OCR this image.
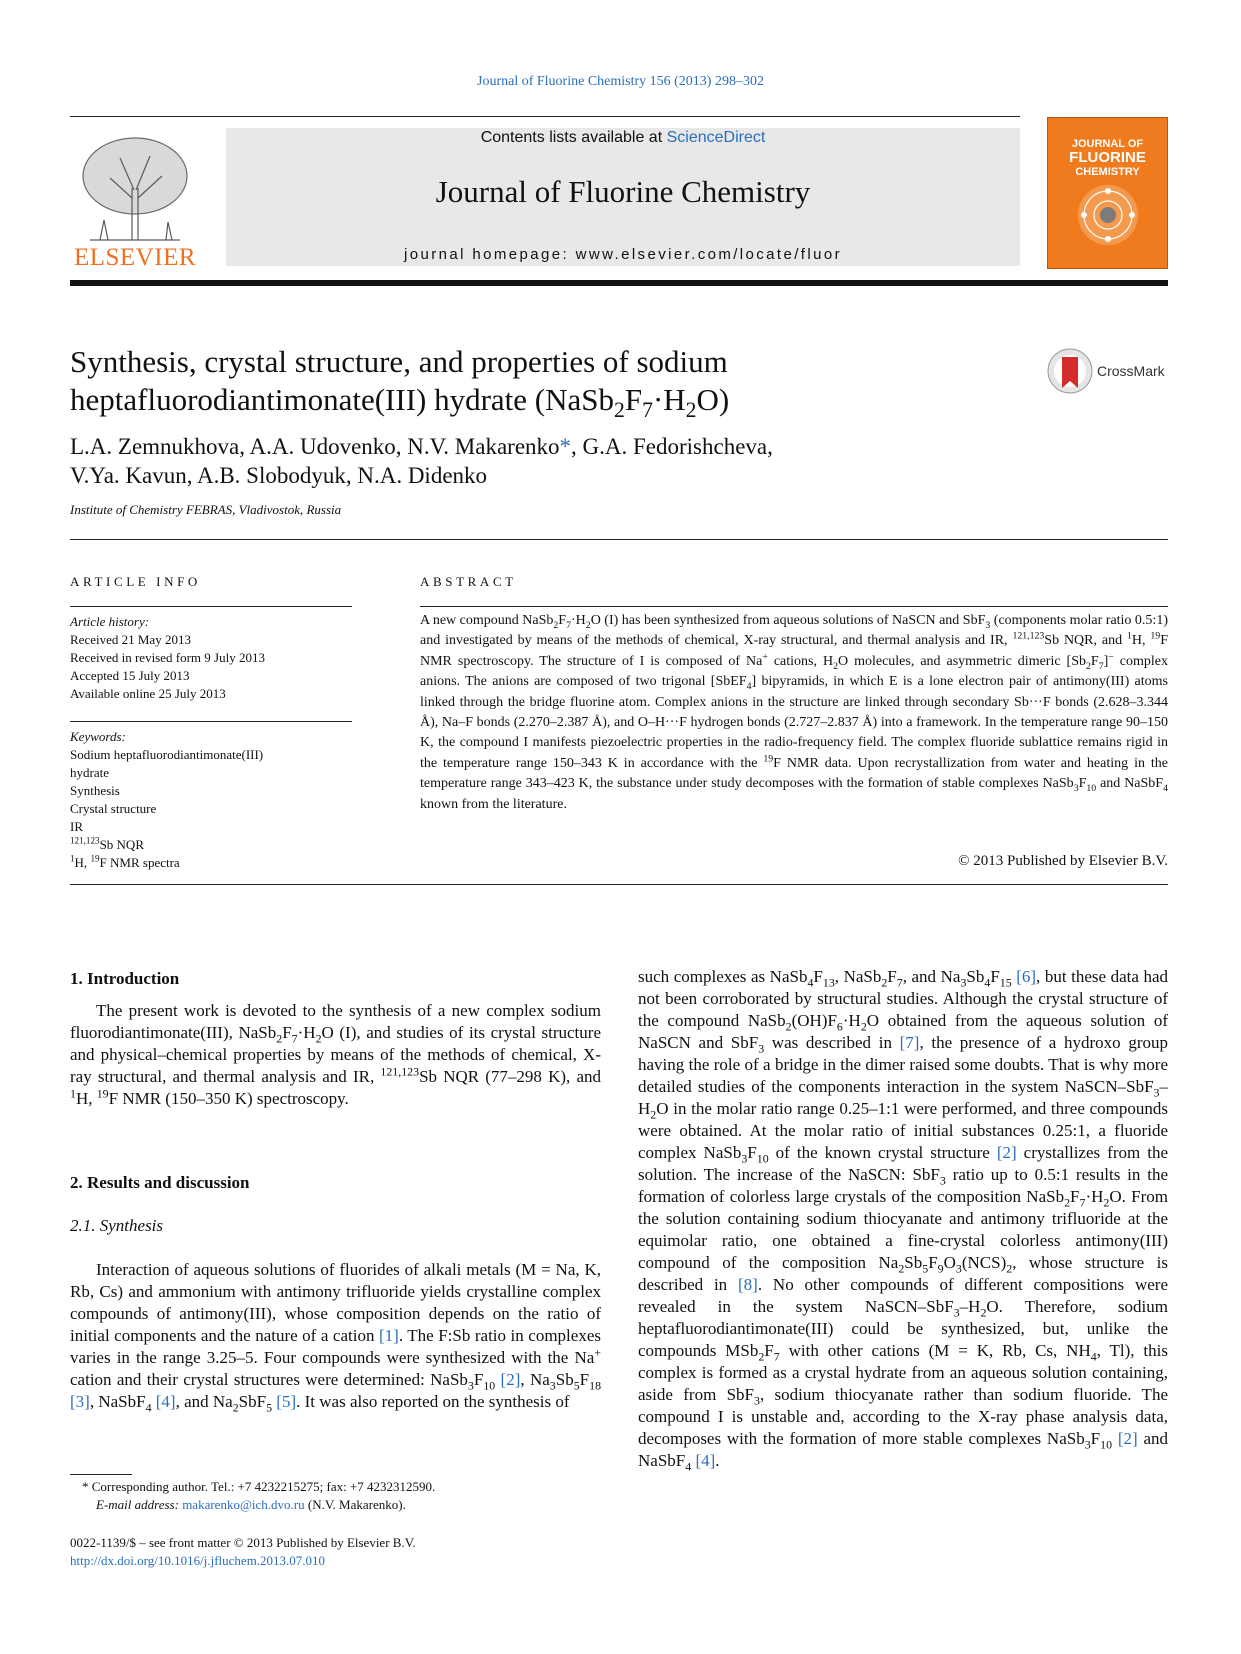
Journal of Fluorine Chemistry 156 (2013) 298–302
ELSEVIER
Contents lists available at ScienceDirect
Journal of Fluorine Chemistry
journal homepage: www.elsevier.com/locate/fluor
JOURNAL OF
FLUORINE
CHEMISTRY
Synthesis, crystal structure, and properties of sodium
heptafluorodiantimonate(III) hydrate $(NaSb_2F_7\cdot H_2O)$
CrossMark
L.A. Zemnukhova, A.A. Udovenko, N.V. Makarenko*, G.A. Fedorishcheva,
V.Ya. Kavun, A.B. Slobodyuk, N.A. Didenko
Institute of Chemistry FEBRAS, Vladivostok, Russia
ARTICLE INFO
Article history:
Received 21 May 2013
Received in revised form 9 July 2013
Accepted 15 July 2013
Available online 25 July 2013
Keywords:
Sodium heptafluorodiantimonate(III)
hydrate
Synthesis
Crystal structure
IR
$^{121,123}$Sb NQR
$^1$H, $^{19}$F NMR spectra
ABSTRACT
A new compound $NaSb_2F_7\cdot H_2O$ (I) has been synthesized from aqueous solutions of NaSCN and SbF$_3$ (components molar ratio 0.5:1) and investigated by means of the methods of chemical, X-ray structural, and thermal analysis and IR, $^{121,123}$Sb NQR, and $^1$H, $^{19}$F NMR spectroscopy. The structure of I is composed of Na+ cations, $H_2O$ molecules, and asymmetric dimeric $[Sb_2F_7]^-$ complex anions. The anions are composed of two trigonal [SbEF$_4$] bipyramids, in which E is a lone electron pair of antimony(III) atoms linked through the bridge fluorine atom. Complex anions in the structure are linked through secondary Sb···F bonds (2.628–3.344 Å), Na–F bonds (2.270–2.387 Å), and O–H···F hydrogen bonds (2.727–2.837 Å) into a framework. In the temperature range 90–150 K, the compound I manifests piezoelectric properties in the radio-frequency field. The complex fluoride sublattice remains rigid in the temperature range 150–343 K in accordance with the $^{19}$F NMR data. Upon recrystallization from water and heating in the temperature range 343–423 K, the substance under study decomposes with the formation of stable complexes $NaSb_3F_{10}$ and NaSbF$_4$ known from the literature.
© 2013 Published by Elsevier B.V.
1. Introduction

The present work is devoted to the synthesis of a new complex sodium fluorodiantimonate(III), $NaSb_2F_7\cdot H_2O$ (I), and studies of its crystal structure and physical–chemical properties by means of the methods of chemical, X-ray structural, and thermal analysis and IR, $^{121,123}$Sb NQR (77–298 K), and $^1$H, $^{19}$F NMR (150–350 K) spectroscopy.

2. Results and discussion
2.1. Synthesis

Interaction of aqueous solutions of fluorides of alkali metals (M = Na, K, Rb, Cs) and ammonium with antimony trifluoride yields crystalline complex compounds of antimony(III), whose composition depends on the ratio of initial components and the nature of a cation [1]. The F:Sb ratio in complexes varies in the range 3.25–5. Four compounds were synthesized with the Na+ cation and their crystal structures were determined: $NaSb_3F_{10}$ [2], $Na_3Sb_5F_{18}$ [3], NaSbF$_4$ [4], and $Na_2SbF_5$ [5]. It was also reported on the synthesis of

* Corresponding author. Tel.: +7 4232215275; fax: +7 4232312590.
E-mail address: makarenko@ich.dvo.ru (N.V. Makarenko).
0022-1139/$ – see front matter © 2013 Published by Elsevier B.V.
http://dx.doi.org/10.1016/j.jfluchem.2013.07.010

such complexes as $NaSb_4F_{13}$, $NaSb_2F_7$, and $Na_3Sb_4F_{15}$ [6], but these data had not been corroborated by structural studies. Although the crystal structure of the compound $NaSb_2(OH)F_6\cdot H_2O$ obtained from the aqueous solution of NaSCN and SbF$_3$ was described in [7], the presence of a hydroxo group having the role of a bridge in the dimer raised some doubts. That is why more detailed studies of the components interaction in the system NaSCN–$SbF_3-H_2O$ in the molar ratio range 0.25–1:1 were performed, and three compounds were obtained. At the molar ratio of initial substances 0.25:1, a fluoride complex $NaSb_3F_{10}$ of the known crystal structure [2] crystallizes from the solution. The increase of the NaSCN: SbF$_3$ ratio up to 0.5:1 results in the formation of colorless large crystals of the composition $NaSb_2F_7\cdot H_2O$. From the solution containing sodium thiocyanate and antimony trifluoride at the equimolar ratio, one obtained a fine-crystal colorless antimony(III) compound of the composition $Na_2Sb_5F_9O_3(NCS)_2$, whose structure is described in [8]. No other compounds of different compositions were revealed in the system NaSCN–$SbF_3-H_2O$. Therefore, sodium heptafluorodiantimonate(III) could be synthesized, but, unlike the compounds $MSb_2F_7$ with other cations (M = K, Rb, Cs, $NH_4$, Tl), this complex is formed as a crystal hydrate from an aqueous solution containing, aside from SbF$_3$, sodium thiocyanate rather than sodium fluoride. The compound I is unstable and, according to the X-ray phase analysis data, decomposes with the formation of more stable complexes $NaSb_3F_{10}$ [2] and NaSbF$_4$ [4].
